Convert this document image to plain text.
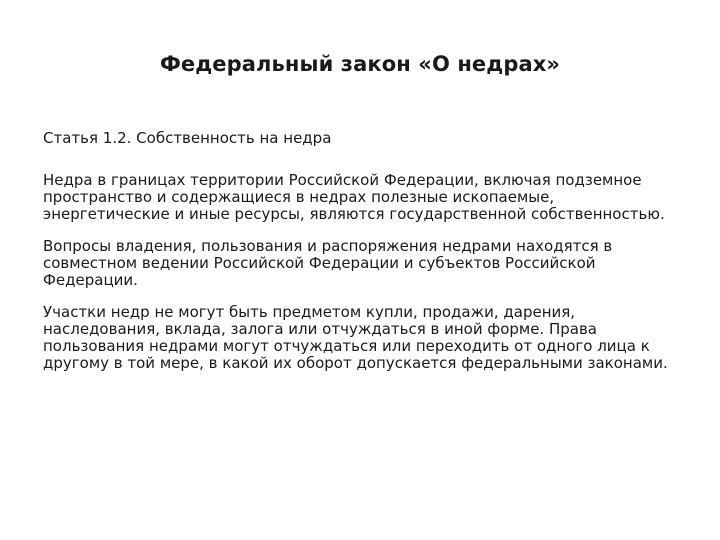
Федеральный закон «О недрах»

Статья 1.2. Собственность на недра

Недра в границах территории Российской Федерации, включая подземное пространство и содержащиеся в недрах полезные ископаемые, энергетические и иные ресурсы, являются государственной собственностью.

Вопросы владения, пользования и распоряжения недрами находятся в совместном ведении Российской Федерации и субъектов Российской Федерации.

Участки недр не могут быть предметом купли, продажи, дарения, наследования, вклада, залога или отчуждаться в иной форме. Права пользования недрами могут отчуждаться или переходить от одного лица к другому в той мере, в какой их оборот допускается федеральными законами.
